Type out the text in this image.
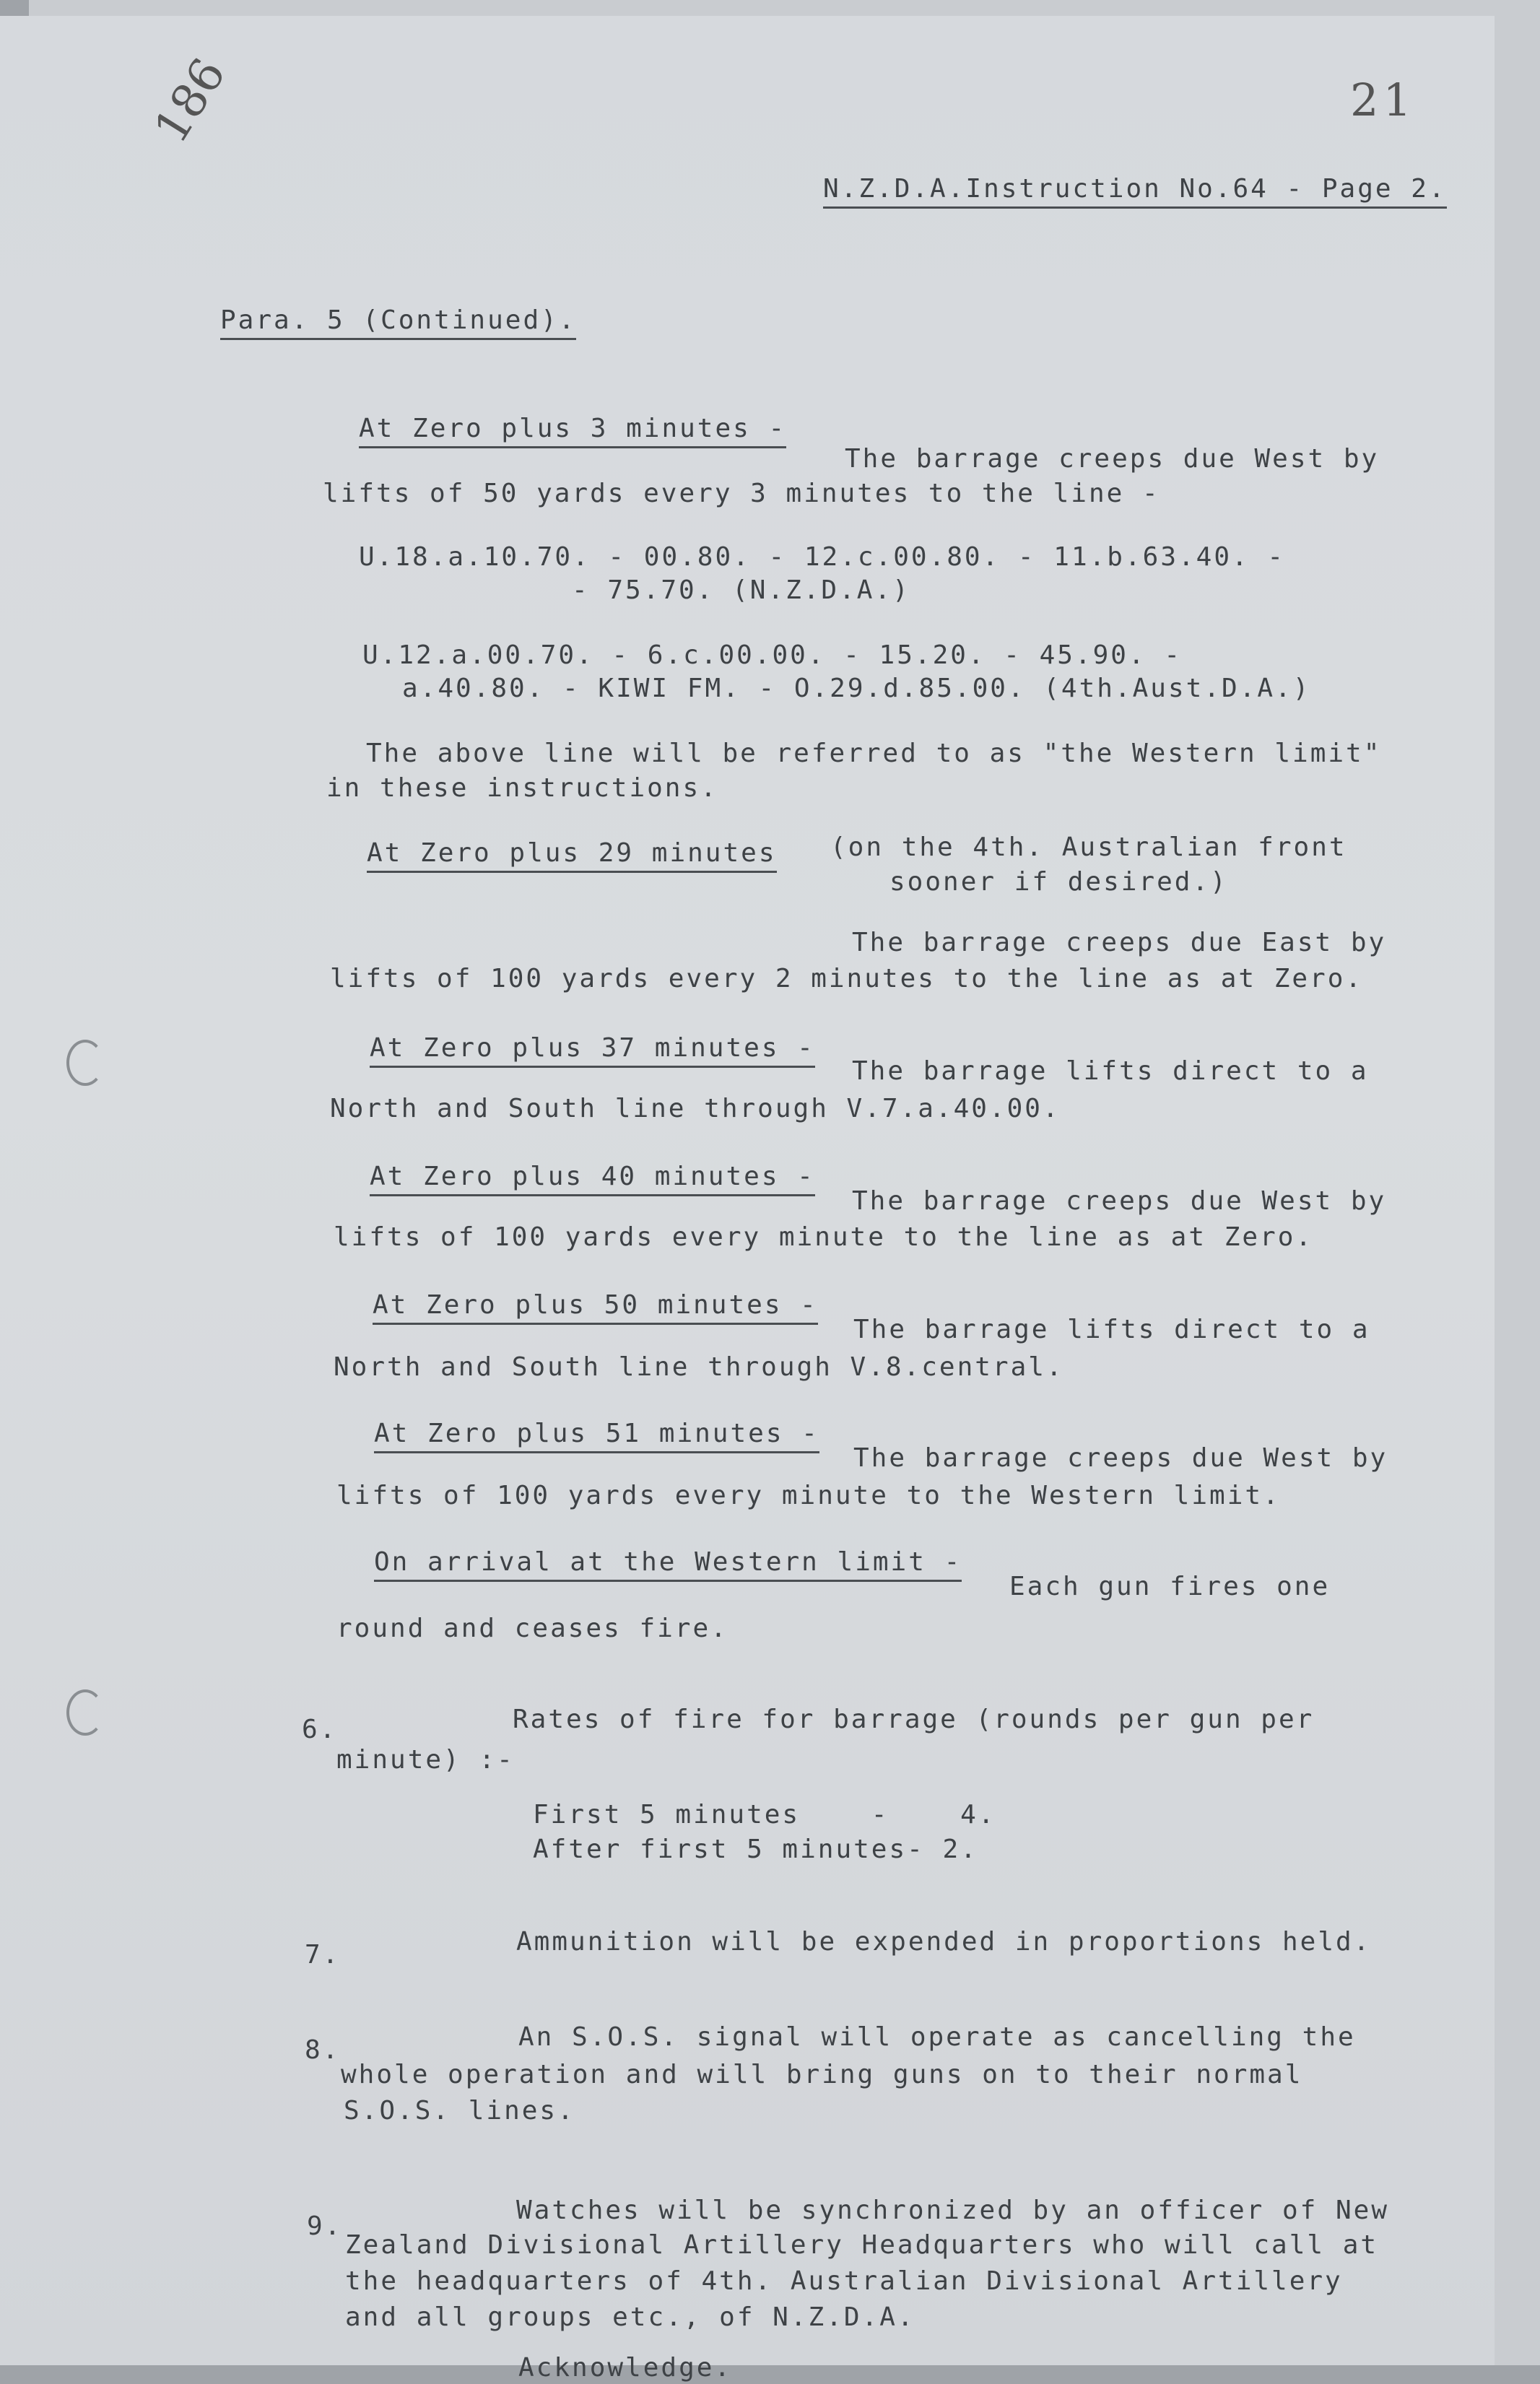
186	21
N.Z.D.A.Instruction No.64 - Page 2.
Para. 5 (Continued).
At Zero plus 3 minutes -
The barrage creeps due West by
lifts of 50 yards every 3 minutes to the line -
U.18.a.10.70. - 00.80. - 12.c.00.80. - 11.b.63.40. -
- 75.70. (N.Z.D.A.)
U.12.a.00.70. - 6.c.00.00. - 15.20. - 45.90. -
a.40.80. - KIWI FM. - O.29.d.85.00. (4th.Aust.D.A.)
The above line will be referred to as "the Western limit"
in these instructions.
At Zero plus 29 minutes (on the 4th. Australian front
sooner if desired.)
The barrage creeps due East by
lifts of 100 yards every 2 minutes to the line as at Zero.
At Zero plus 37 minutes -
The barrage lifts direct to a
North and South line through V.7.a.40.00.
At Zero plus 40 minutes -
The barrage creeps due West by
lifts of 100 yards every minute to the line as at Zero.
At Zero plus 50 minutes -
The barrage lifts direct to a
North and South line through V.8.central.
At Zero plus 51 minutes -
The barrage creeps due West by
lifts of 100 yards every minute to the Western limit.
On arrival at the Western limit -
Each gun fires one
round and ceases fire.
6.	Rates of fire for barrage (rounds per gun per
minute) :-
First 5 minutes    -    4.
After first 5 minutes- 2.
7.	Ammunition will be expended in proportions held.
8.	An S.O.S. signal will operate as cancelling the
whole operation and will bring guns on to their normal
S.O.S. lines.
9.
Watches will be synchronized by an officer of New
Zealand Divisional Artillery Headquarters who will call at
the headquarters of 4th. Australian Divisional Artillery
and all groups etc., of N.Z.D.A.
Acknowledge.
